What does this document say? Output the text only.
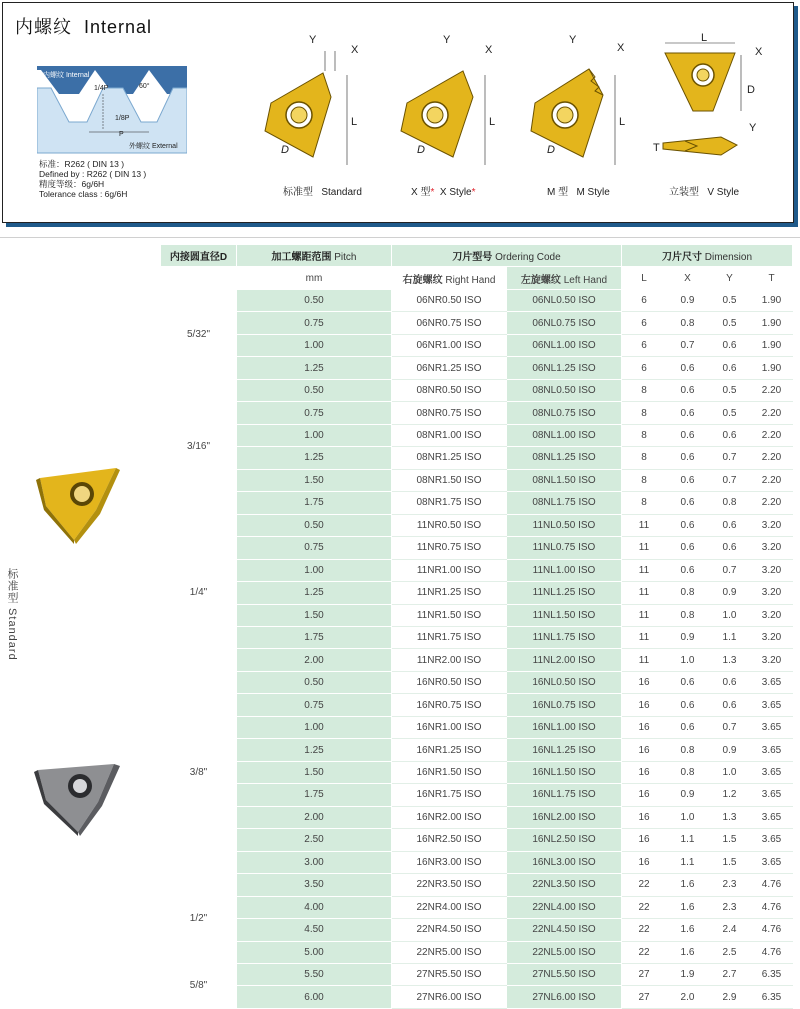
内螺纹 Internal
内螺纹 Internal
外螺纹 External
1/4P	60°
1/8P
P
标准：R262 ( DIN 13 )
Defined by : R262 ( DIN 13 )
精度等级：6g/6H
Tolerance class : 6g/6H
Y
X
L
D
标准型 Standard
Y
X
L
D
X 型* X Style*
Y
X
L
D
M 型 M Style
L
X
D
Y
T
立装型 V Style
标准型 Standard
内接圆直径D	加工螺距范围 Pitch	刀片型号 Ordering Code		刀片尺寸 Dimension			
	mm	右旋螺纹 Right Hand	左旋螺纹 Left Hand	L	X	Y	T
5/32"	0.50	06NR0.50 ISO	06NL0.50 ISO	6	0.9	0.5	1.90
	0.75	06NR0.75 ISO	06NL0.75 ISO	6	0.8	0.5	1.90
	1.00	06NR1.00 ISO	06NL1.00 ISO	6	0.7	0.6	1.90
	1.25	06NR1.25 ISO	06NL1.25 ISO	6	0.6	0.6	1.90
3/16"	0.50	08NR0.50 ISO	08NL0.50 ISO	8	0.6	0.5	2.20
	0.75	08NR0.75 ISO	08NL0.75 ISO	8	0.6	0.5	2.20
	1.00	08NR1.00 ISO	08NL1.00 ISO	8	0.6	0.6	2.20
	1.25	08NR1.25 ISO	08NL1.25 ISO	8	0.6	0.7	2.20
	1.50	08NR1.50 ISO	08NL1.50 ISO	8	0.6	0.7	2.20
	1.75	08NR1.75 ISO	08NL1.75 ISO	8	0.6	0.8	2.20
1/4"	0.50	11NR0.50 ISO	11NL0.50 ISO	11	0.6	0.6	3.20
	0.75	11NR0.75 ISO	11NL0.75 ISO	11	0.6	0.6	3.20
	1.00	11NR1.00 ISO	11NL1.00 ISO	11	0.6	0.7	3.20
	1.25	11NR1.25 ISO	11NL1.25 ISO	11	0.8	0.9	3.20
	1.50	11NR1.50 ISO	11NL1.50 ISO	11	0.8	1.0	3.20
	1.75	11NR1.75 ISO	11NL1.75 ISO	11	0.9	1.1	3.20
	2.00	11NR2.00 ISO	11NL2.00 ISO	11	1.0	1.3	3.20
3/8"	0.50	16NR0.50 ISO	16NL0.50 ISO	16	0.6	0.6	3.65
	0.75	16NR0.75 ISO	16NL0.75 ISO	16	0.6	0.6	3.65
	1.00	16NR1.00 ISO	16NL1.00 ISO	16	0.6	0.7	3.65
	1.25	16NR1.25 ISO	16NL1.25 ISO	16	0.8	0.9	3.65
	1.50	16NR1.50 ISO	16NL1.50 ISO	16	0.8	1.0	3.65
	1.75	16NR1.75 ISO	16NL1.75 ISO	16	0.9	1.2	3.65
	2.00	16NR2.00 ISO	16NL2.00 ISO	16	1.0	1.3	3.65
	2.50	16NR2.50 ISO	16NL2.50 ISO	16	1.1	1.5	3.65
	3.00	16NR3.00 ISO	16NL3.00 ISO	16	1.1	1.5	3.65
1/2"	3.50	22NR3.50 ISO	22NL3.50 ISO	22	1.6	2.3	4.76
	4.00	22NR4.00 ISO	22NL4.00 ISO	22	1.6	2.3	4.76
	4.50	22NR4.50 ISO	22NL4.50 ISO	22	1.6	2.4	4.76
	5.00	22NR5.00 ISO	22NL5.00 ISO	22	1.6	2.5	4.76
5/8"	5.50	27NR5.50 ISO	27NL5.50 ISO	27	1.9	2.7	6.35
	6.00	27NR6.00 ISO	27NL6.00 ISO	27	2.0	2.9	6.35
